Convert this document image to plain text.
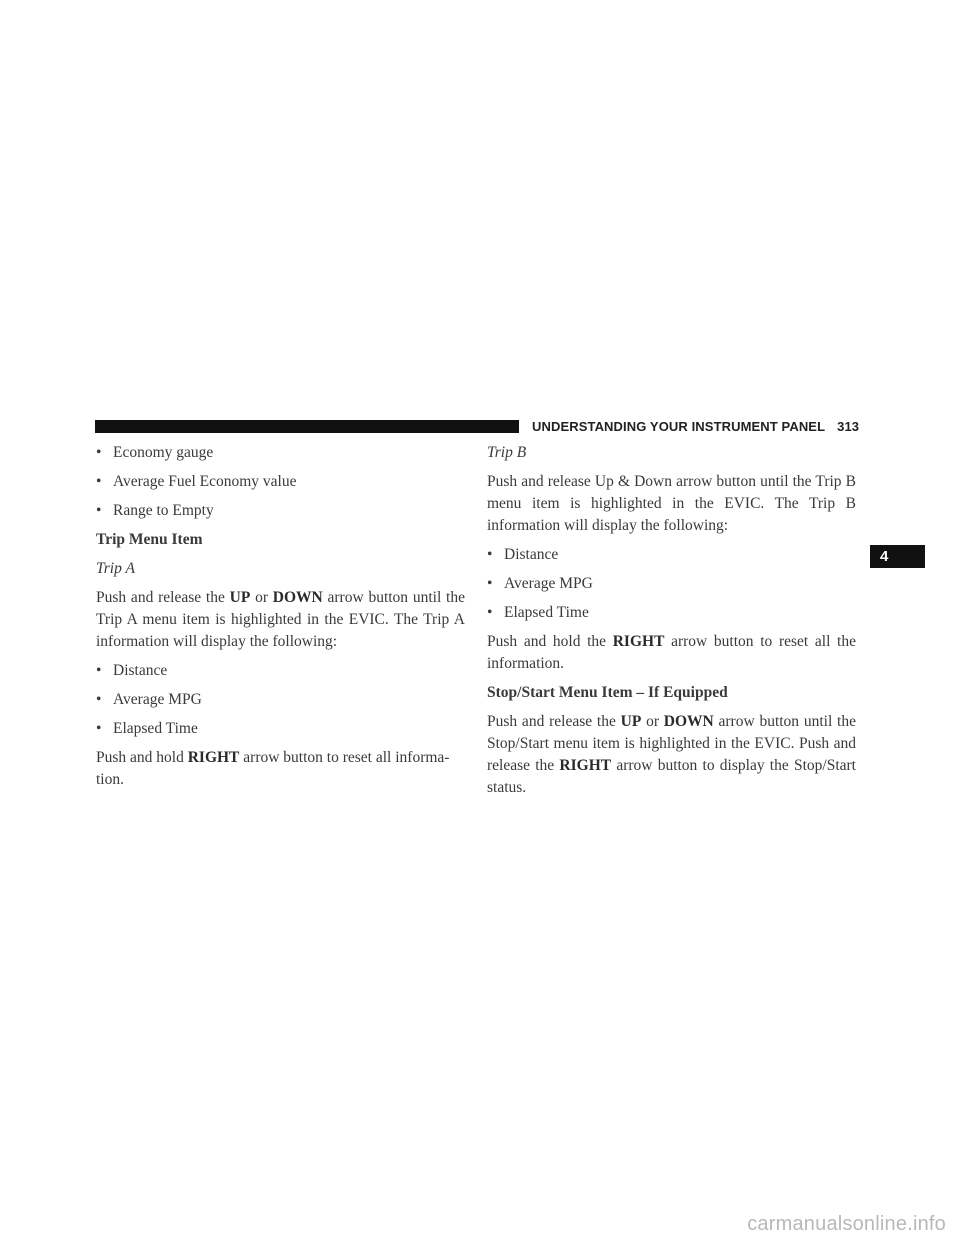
UNDERSTANDING YOUR INSTRUMENT PANEL 313
4
• Economy gauge
• Average Fuel Economy value
• Range to Empty
Trip Menu Item
Trip A

Push and release the UP or DOWN arrow button until the Trip A menu item is highlighted in the EVIC. The Trip A information will display the following:

• Distance
• Average MPG
• Elapsed Time

Push and hold RIGHT arrow button to reset all informa-tion.

Trip B

Push and release Up & Down arrow button until the Trip B menu item is highlighted in the EVIC. The Trip B information will display the following:

• Distance
• Average MPG
• Elapsed Time

Push and hold the RIGHT arrow button to reset all the information.

Stop/Start Menu Item – If Equipped

Push and release the UP or DOWN arrow button until the Stop/Start menu item is highlighted in the EVIC. Push and release the RIGHT arrow button to display the Stop/Start status.

carmanualsonline.info
